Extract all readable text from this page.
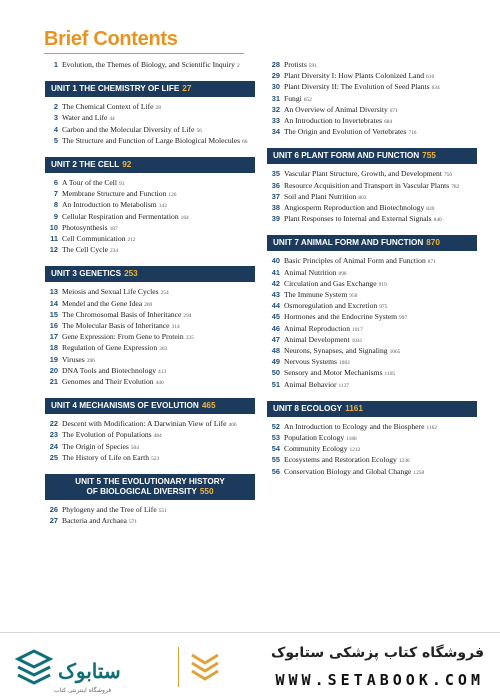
Brief Contents
1 Evolution, the Themes of Biology, and Scientific Inquiry 2
UNIT 1 THE CHEMISTRY OF LIFE 27
2 The Chemical Context of Life 28
3 Water and Life 44
4 Carbon and the Molecular Diversity of Life 56
5 The Structure and Function of Large Biological Molecules 66
UNIT 2 THE CELL 92
6 A Tour of the Cell 93
7 Membrane Structure and Function 126
8 An Introduction to Metabolism 143
9 Cellular Respiration and Fermentation 164
10 Photosynthesis 187
11 Cell Communication 212
12 The Cell Cycle 234
UNIT 3 GENETICS 253
13 Meiosis and Sexual Life Cycles 254
14 Mendel and the Gene Idea 269
15 The Chromosomal Basis of Inheritance 294
16 The Molecular Basis of Inheritance 314
17 Gene Expression: From Gene to Protein 335
18 Regulation of Gene Expression 363
19 Viruses 396
20 DNA Tools and Biotechnology 413
21 Genomes and Their Evolution 440
UNIT 4 MECHANISMS OF EVOLUTION 465
22 Descent with Modification: A Darwinian View of Life 466
23 The Evolution of Populations 484
24 The Origin of Species 504
25 The History of Life on Earth 523
UNIT 5 THE EVOLUTIONARY HISTORY
OF BIOLOGICAL DIVERSITY 550
26 Phylogeny and the Tree of Life 551
27 Bacteria and Archaea 571
28 Protists 591
29 Plant Diversity I: How Plants Colonized Land 616
30 Plant Diversity II: The Evolution of Seed Plants 634
31 Fungi 652
32 An Overview of Animal Diversity 671
33 An Introduction to Invertebrates 684
34 The Origin and Evolution of Vertebrates 716
UNIT 6 PLANT FORM AND FUNCTION 755
35 Vascular Plant Structure, Growth, and Development 756
36 Resource Acquisition and Transport in Vascular Plants 782
37 Soil and Plant Nutrition 803
38 Angiosperm Reproduction and Biotechnology 820
39 Plant Responses to Internal and External Signals 840
UNIT 7 ANIMAL FORM AND FUNCTION 870
40 Basic Principles of Animal Form and Function 871
41 Animal Nutrition 896
42 Circulation and Gas Exchange 919
43 The Immune System 950
44 Osmoregulation and Excretion 975
45 Hormones and the Endocrine System 997
46 Animal Reproduction 1017
47 Animal Development 1041
48 Neurons, Synapses, and Signaling 1065
49 Nervous Systems 1083
50 Sensory and Motor Mechanisms 1105
51 Animal Behavior 1137
UNIT 8 ECOLOGY 1161
52 An Introduction to Ecology and the Biosphere 1162
53 Population Ecology 1188
54 Community Ecology 1212
55 Ecosystems and Restoration Ecology 1236
56 Conservation Biology and Global Change 1258
ستابوک
فروشگاه اینترنتی کتاب
فروشگاه کتاب پزشکی ستابوک
WWW.SETABOOK.COM
